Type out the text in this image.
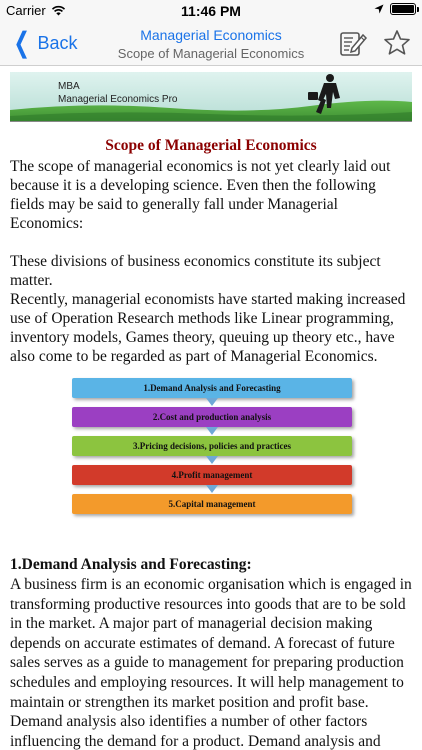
Carrier	11:46 PM
❮ Back	Managerial Economics
Scope of Managerial Economics
MBA
Managerial Economics Pro
Scope of Managerial Economics

The scope of managerial economics is not yet clearly laid out because it is a developing science. Even then the following fields may be said to generally fall under Managerial Economics:

These divisions of business economics constitute its subject matter.

Recently, managerial economists have started making increased use of Operation Research methods like Linear programming, inventory models, Games theory, queuing up theory etc., have also come to be regarded as part of Managerial Economics.

1.Demand Analysis and Forecasting
2.Cost and production analysis
3.Pricing decisions, policies and practices
4.Profit management
5.Capital management
1.Demand Analysis and Forecasting:

A business firm is an economic organisation which is engaged in transforming productive resources into goods that are to be sold in the market. A major part of managerial decision making depends on accurate estimates of demand. A forecast of future sales serves as a guide to management for preparing production schedules and employing resources. It will help management to maintain or strengthen its market position and profit base. Demand analysis also identifies a number of other factors influencing the demand for a product. Demand analysis and
